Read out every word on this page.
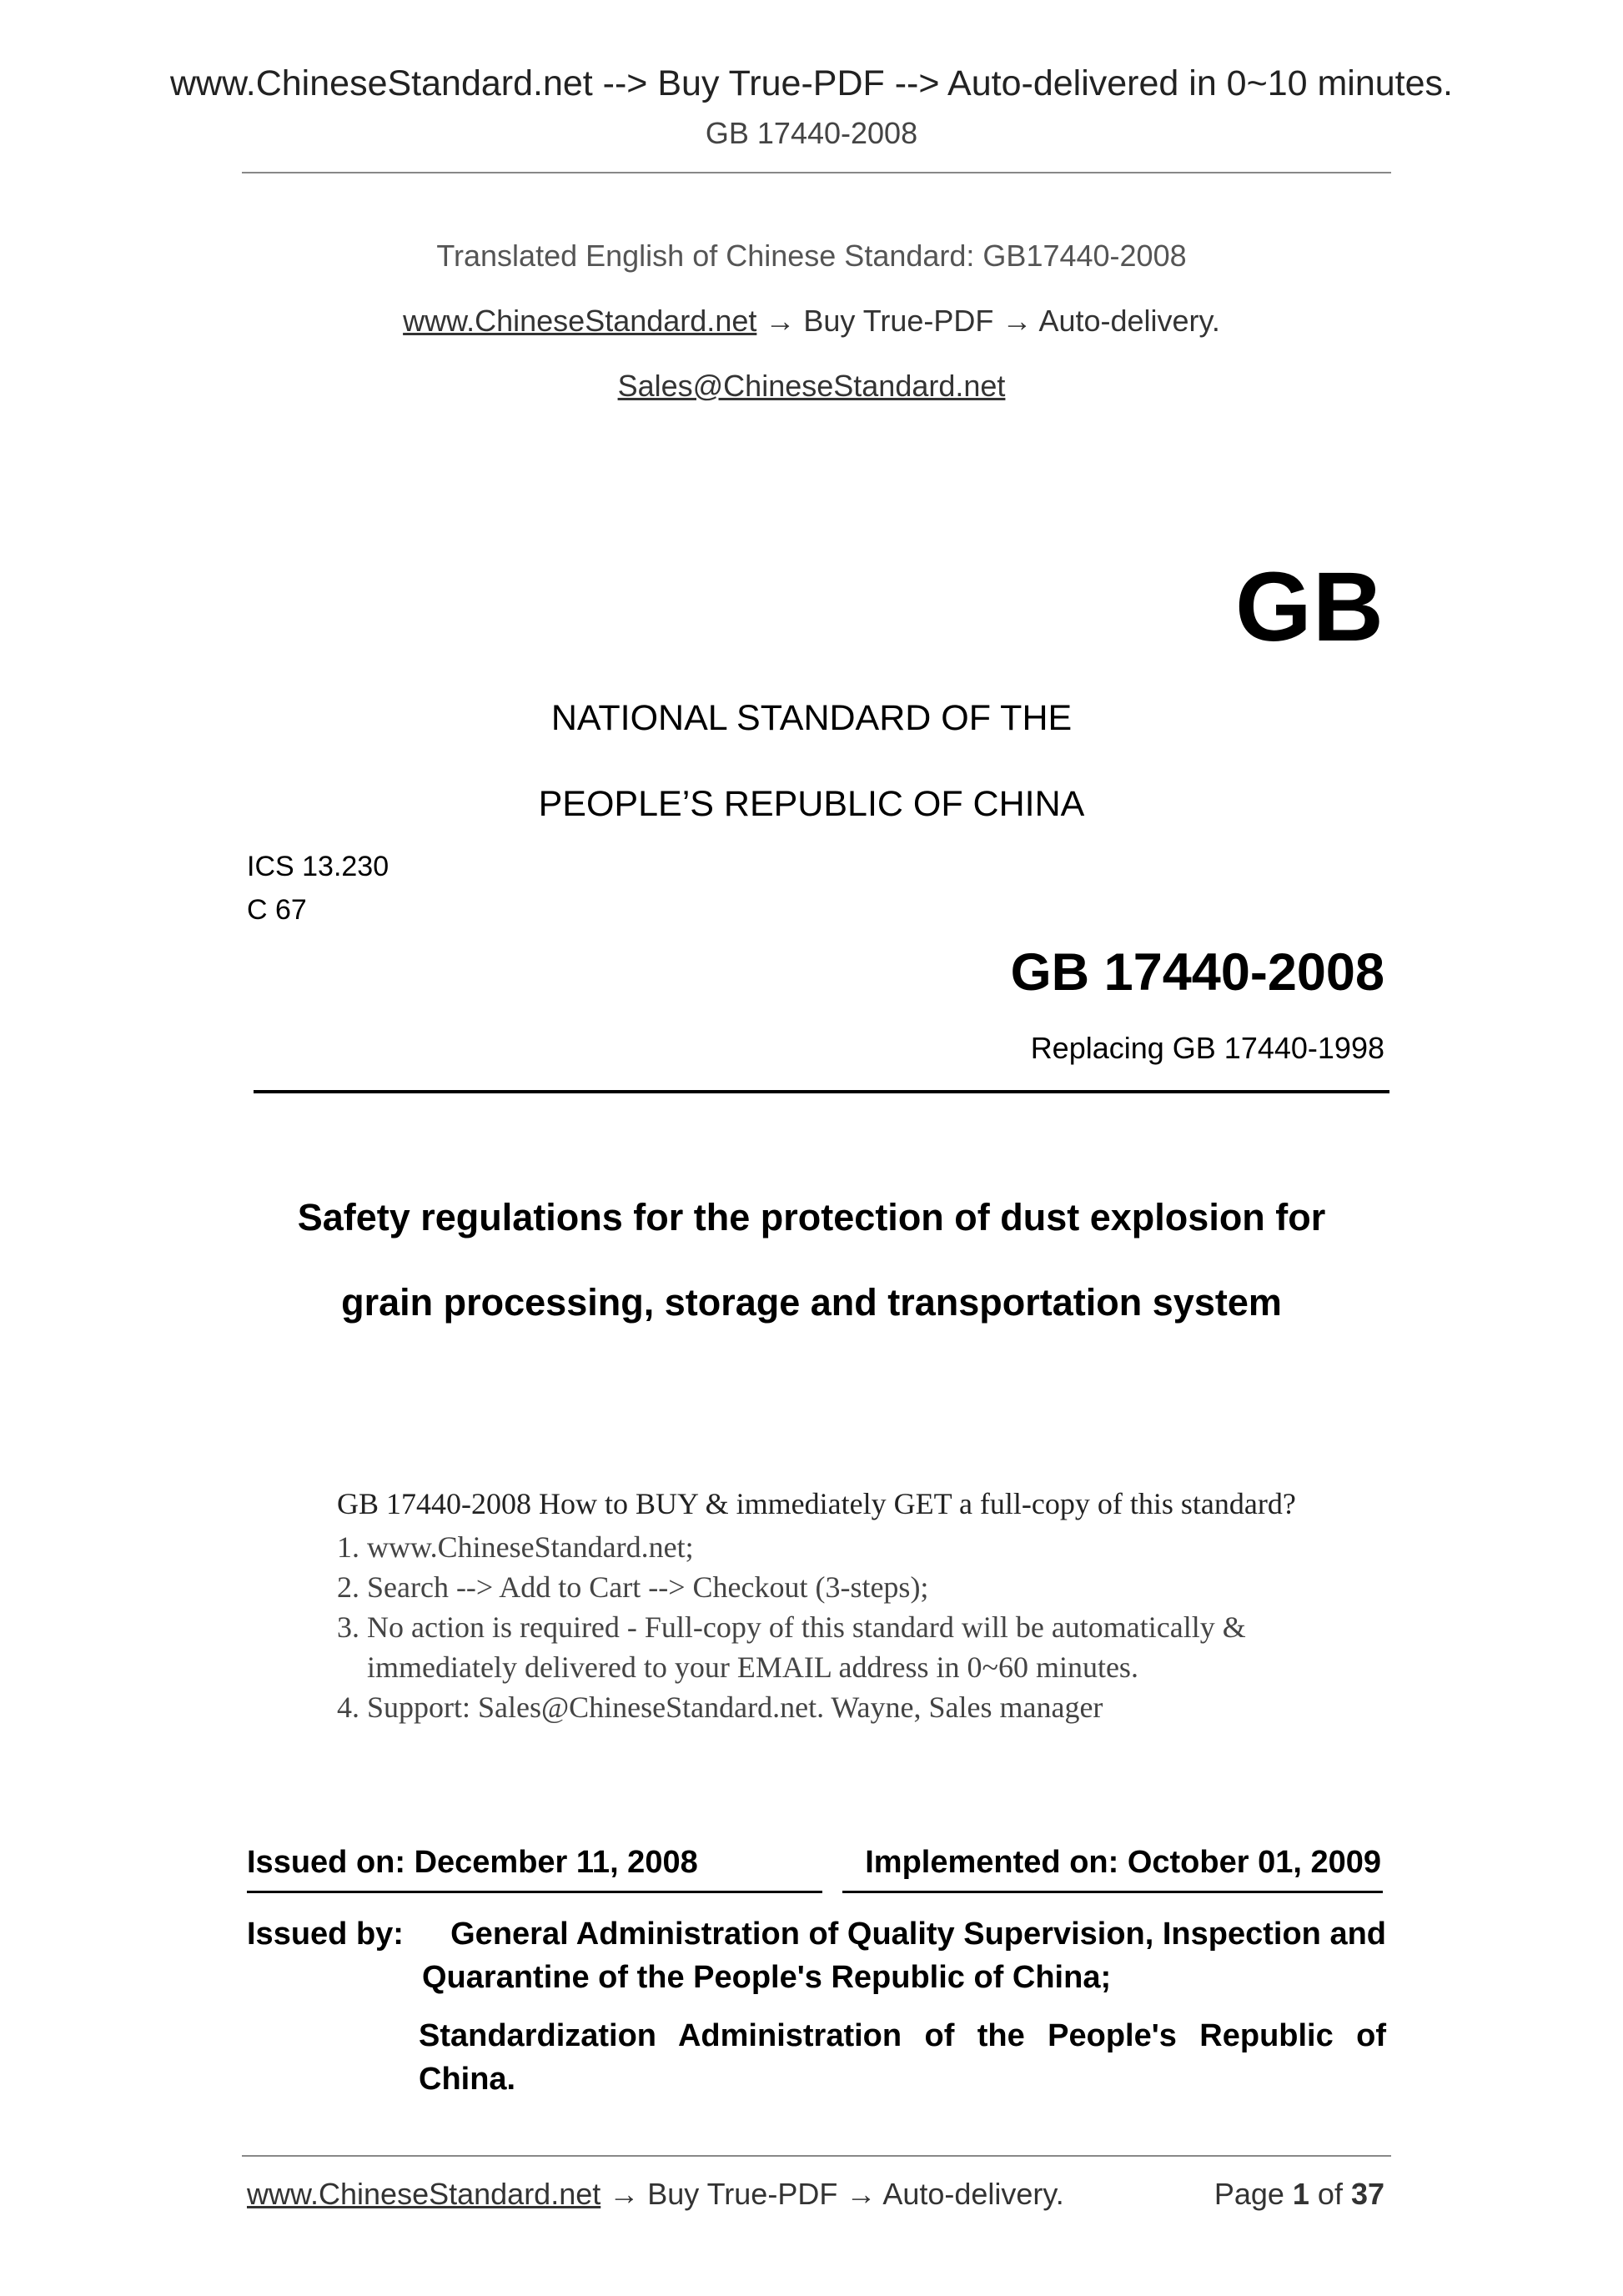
www.ChineseStandard.net --> Buy True-PDF --> Auto-delivered in 0~10 minutes.
GB 17440-2008
Translated English of Chinese Standard: GB17440-2008
www.ChineseStandard.net → Buy True-PDF → Auto-delivery.
Sales@ChineseStandard.net
GB
NATIONAL STANDARD OF THE
PEOPLE’S REPUBLIC OF CHINA
ICS 13.230
C 67
GB 17440-2008
Replacing GB 17440-1998
Safety regulations for the protection of dust explosion for
grain processing, storage and transportation system
GB 17440-2008 How to BUY & immediately GET a full-copy of this standard?
1. www.ChineseStandard.net;
2. Search --> Add to Cart --> Checkout (3-steps);
3. No action is required - Full-copy of this standard will be automatically &
immediately delivered to your EMAIL address in 0~60 minutes.
4. Support: Sales@ChineseStandard.net. Wayne, Sales manager
Issued on: December 11, 2008	Implemented on: October 01, 2009
Issued by: General Administration of Quality Supervision, Inspection and
Quarantine of the People's Republic of China;
Standardization Administration of the People's Republic of
China.
www.ChineseStandard.net → Buy True-PDF → Auto-delivery.	Page 1 of 37
